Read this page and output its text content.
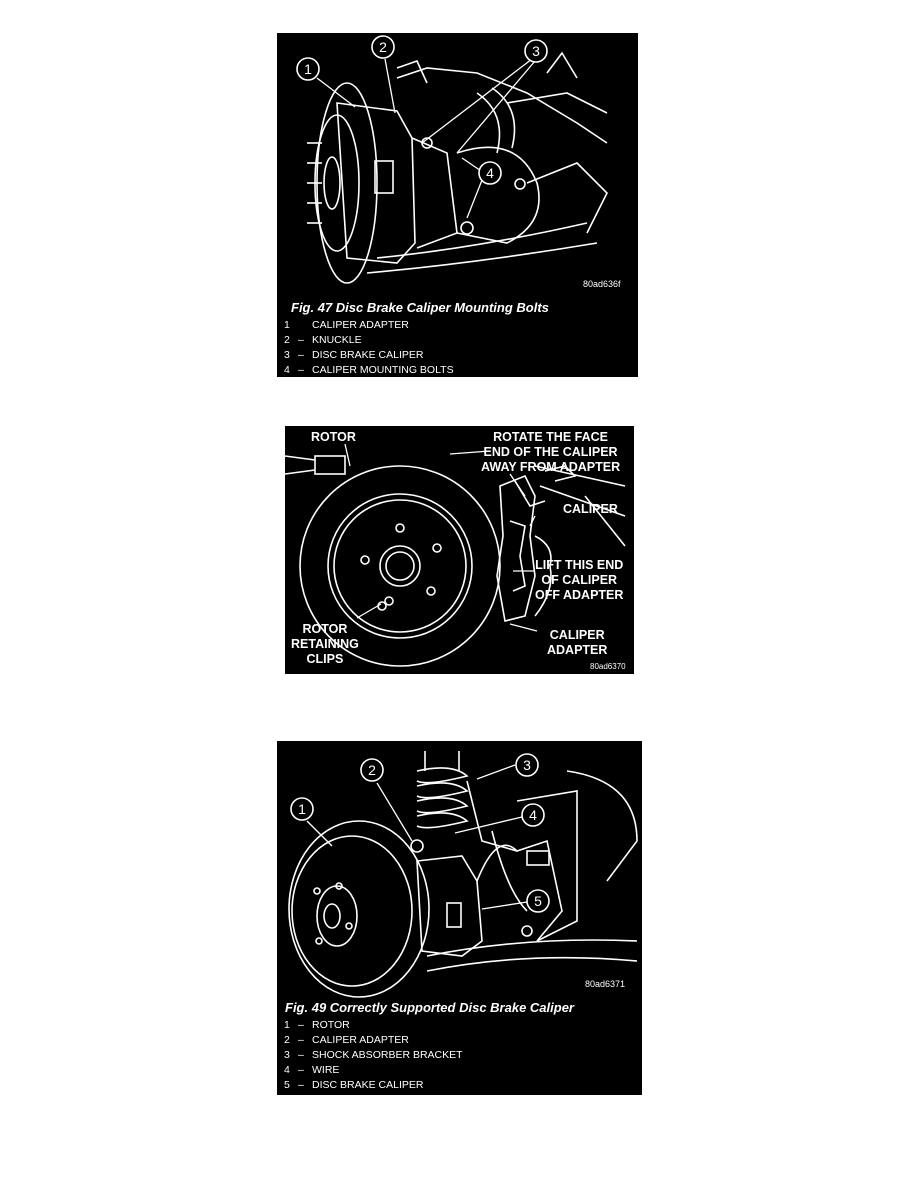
1
2	3
4
80ad636f
Fig. 47 Disc Brake Caliper Mounting Bolts
1 CALIPER ADAPTER
2 – KNUCKLE
3 – DISC BRAKE CALIPER
4 – CALIPER MOUNTING BOLTS
ROTOR	ROTATE THE FACE
END OF THE CALIPER
AWAY FROM ADAPTER
CALIPER
LIFT THIS END
OF CALIPER
OFF ADAPTER
CALIPER
ADAPTER
ROTOR
RETAINING
CLIPS
80ad6370
1
2	3
4
5
80ad6371
Fig. 49 Correctly Supported Disc Brake Caliper
1 – ROTOR
2 – CALIPER ADAPTER
3 – SHOCK ABSORBER BRACKET
4 – WIRE
5 – DISC BRAKE CALIPER
